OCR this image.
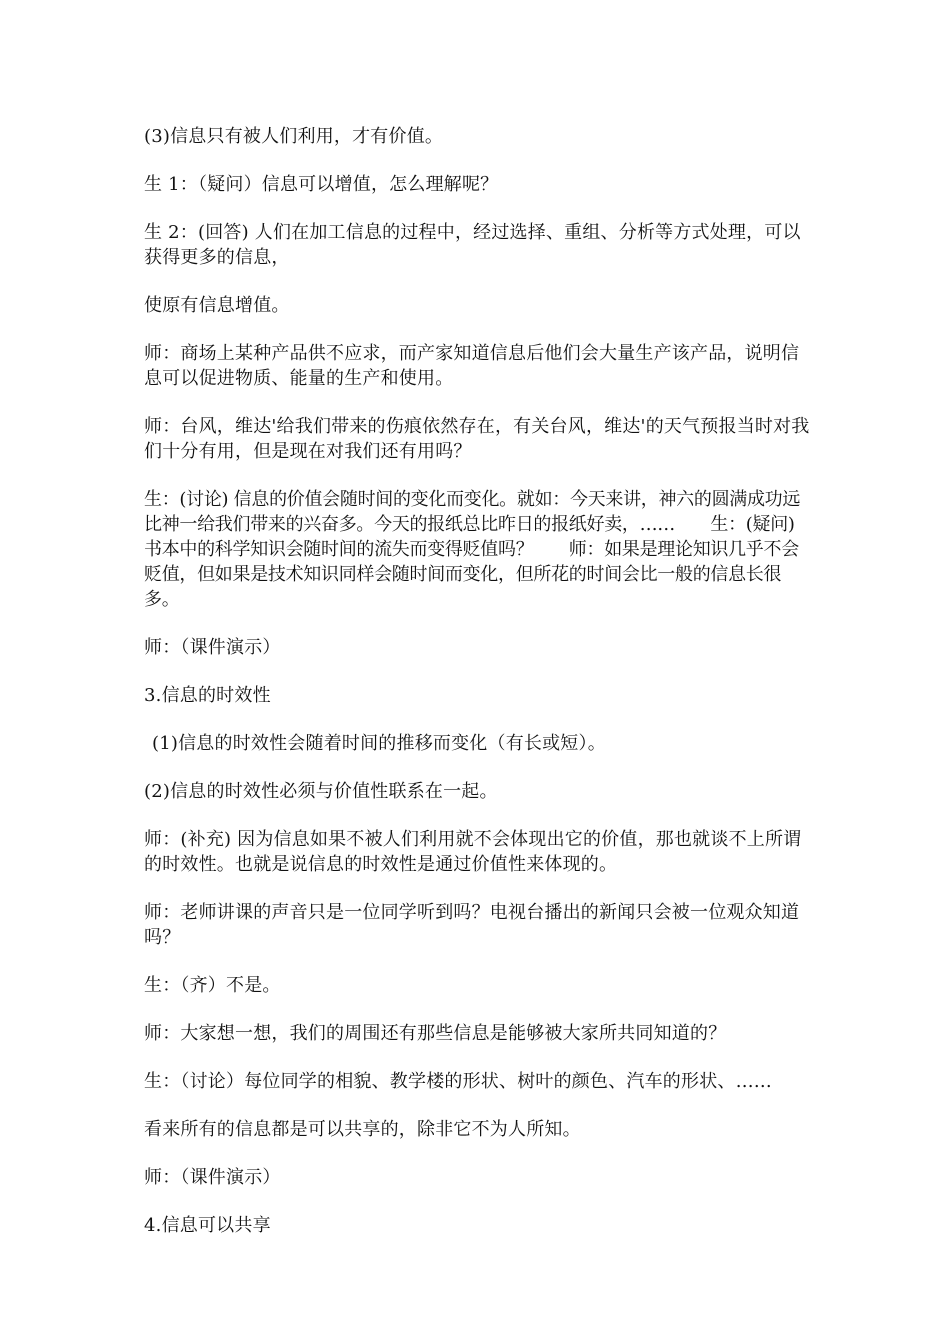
(3)信息只有被人们利用，才有价值。

生 1：（疑问）信息可以增值，怎么理解呢？

生 2：(回答) 人们在加工信息的过程中，经过选择、重组、分析等方式处理，可以获得更多的信息，

使原有信息增值。

师：商场上某种产品供不应求，而产家知道信息后他们会大量生产该产品，说明信息可以促进物质、能量的生产和使用。

师：台风，维达'给我们带来的伤痕依然存在，有关台风，维达'的天气预报当时对我们十分有用，但是现在对我们还有用吗？

生：(讨论) 信息的价值会随时间的变化而变化。就如：今天来讲，神六的圆满成功远比神一给我们带来的兴奋多。今天的报纸总比昨日的报纸好卖，……　　生：(疑问) 书本中的科学知识会随时间的流失而变得贬值吗？　　师：如果是理论知识几乎不会贬值，但如果是技术知识同样会随时间而变化，但所花的时间会比一般的信息长很多。

师：（课件演示）

3.信息的时效性

(1)信息的时效性会随着时间的推移而变化（有长或短）。

(2)信息的时效性必须与价值性联系在一起。

师：(补充) 因为信息如果不被人们利用就不会体现出它的价值，那也就谈不上所谓的时效性。也就是说信息的时效性是通过价值性来体现的。

师：老师讲课的声音只是一位同学听到吗？电视台播出的新闻只会被一位观众知道吗？

生：（齐）不是。

师：大家想一想，我们的周围还有那些信息是能够被大家所共同知道的？

生：（讨论）每位同学的相貌、教学楼的形状、树叶的颜色、汽车的形状、……

看来所有的信息都是可以共享的，除非它不为人所知。

师：（课件演示）

4.信息可以共享
